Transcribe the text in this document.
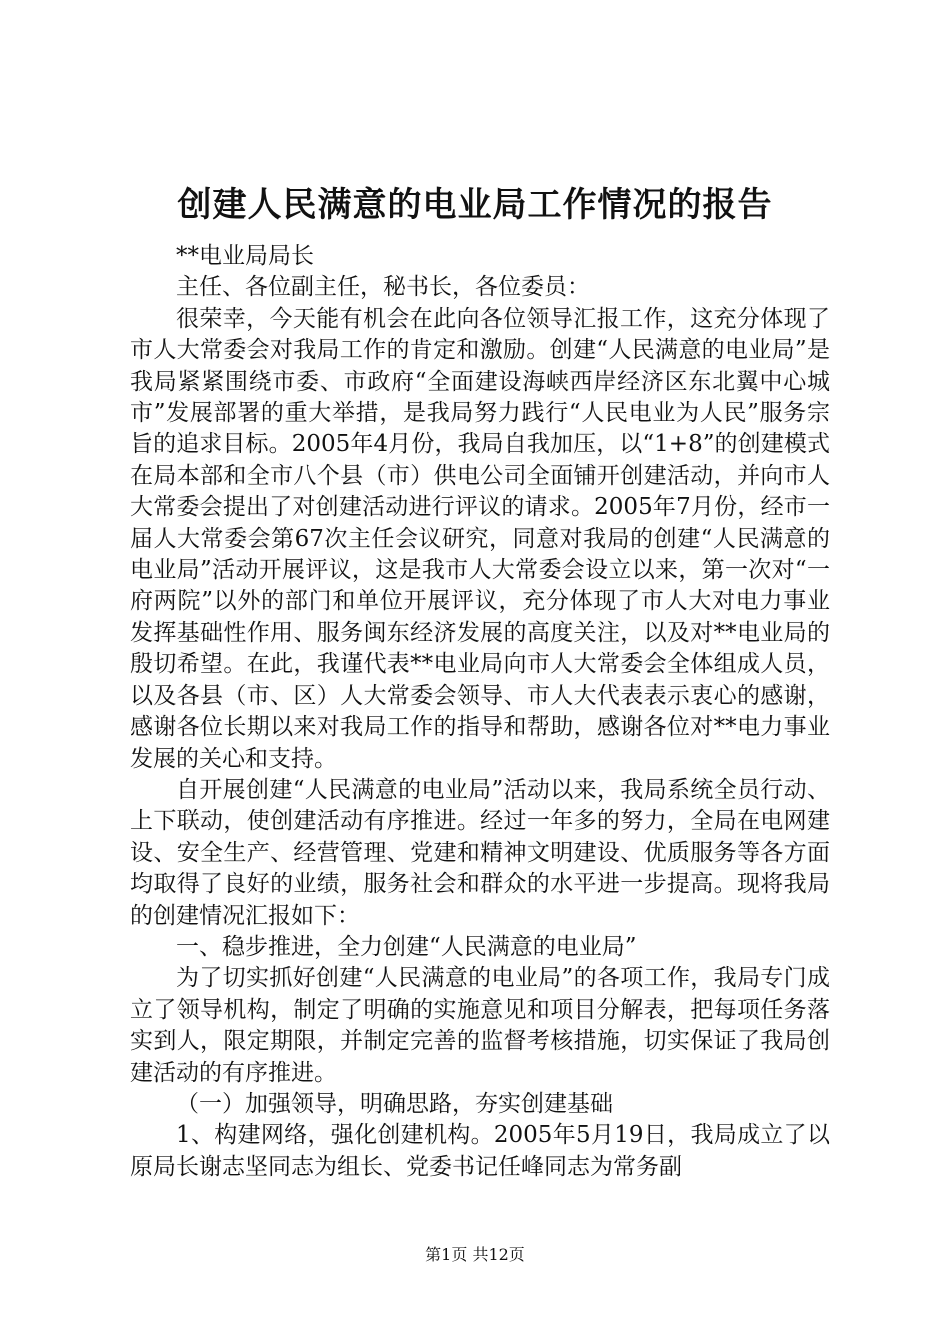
创建人民满意的电业局工作情况的报告

**电业局局长

主任、各位副主任，秘书长，各位委员：

很荣幸，今天能有机会在此向各位领导汇报工作，这充分体现了市人大常委会对我局工作的肯定和激励。创建“人民满意的电业局”是我局紧紧围绕市委、市政府“全面建设海峡西岸经济区东北翼中心城市”发展部署的重大举措，是我局努力践行“人民电业为人民”服务宗旨的追求目标。2005年4月份，我局自我加压，以“1+8”的创建模式在局本部和全市八个县（市）供电公司全面铺开创建活动，并向市人大常委会提出了对创建活动进行评议的请求。2005年7月份，经市一届人大常委会第67次主任会议研究，同意对我局的创建“人民满意的电业局”活动开展评议，这是我市人大常委会设立以来，第一次对“一府两院”以外的部门和单位开展评议，充分体现了市人大对电力事业发挥基础性作用、服务闽东经济发展的高度关注，以及对**电业局的殷切希望。在此，我谨代表**电业局向市人大常委会全体组成人员，以及各县（市、区）人大常委会领导、市人大代表表示衷心的感谢，感谢各位长期以来对我局工作的指导和帮助，感谢各位对**电力事业发展的关心和支持。

自开展创建“人民满意的电业局”活动以来，我局系统全员行动、上下联动，使创建活动有序推进。经过一年多的努力，全局在电网建设、安全生产、经营管理、党建和精神文明建设、优质服务等各方面均取得了良好的业绩，服务社会和群众的水平进一步提高。现将我局的创建情况汇报如下：

一、稳步推进，全力创建“人民满意的电业局”

为了切实抓好创建“人民满意的电业局”的各项工作，我局专门成立了领导机构，制定了明确的实施意见和项目分解表，把每项任务落实到人，限定期限，并制定完善的监督考核措施，切实保证了我局创建活动的有序推进。

（一）加强领导，明确思路，夯实创建基础

1、构建网络，强化创建机构。2005年5月19日，我局成立了以原局长谢志坚同志为组长、党委书记任峰同志为常务副

第1页 共12页
